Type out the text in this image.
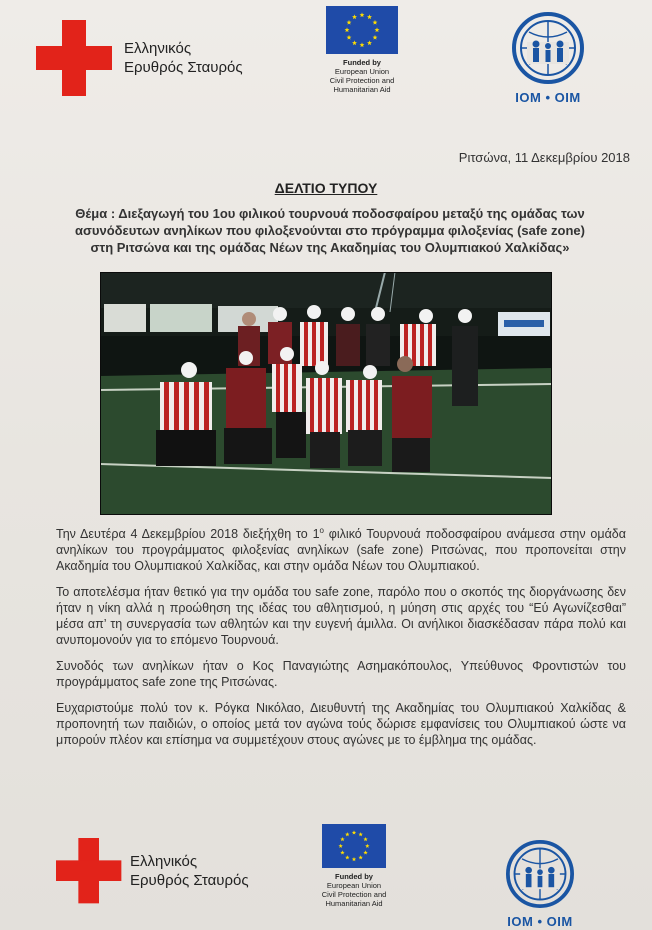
Ελληνικός
Ερυθρός Σταυρός	Funded by
European Union
Civil Protection and
Humanitarian Aid
IOM • OIM
Ριτσώνα, 11 Δεκεμβρίου 2018
ΔΕΛΤΙΟ ΤΥΠΟΥ
Θέμα : Διεξαγωγή του 1ου φιλικού τουρνουά ποδοσφαίρου μεταξύ της ομάδας των ασυνόδευτων ανηλίκων που φιλοξενούνται στο πρόγραμμα φιλοξενίας (safe zone) στη Ριτσώνα και της ομάδας Νέων της Ακαδημίας του Ολυμπιακού Χαλκίδας»

Την Δευτέρα 4 Δεκεμβρίου 2018 διεξήχθη το $1^o$ φιλικό Τουρνουά ποδοσφαίρου ανάμεσα στην ομάδα ανηλίκων του προγράμματος φιλοξενίας ανηλίκων (safe zone) Ριτσώνας, που προπονείται στην Ακαδημία του Ολυμπιακού Χαλκίδας, και στην ομάδα Νέων του Ολυμπιακού.

Το αποτελέσμα ήταν θετικό για την ομάδα του safe zone, παρόλο που ο σκοπός της διοργάνωσης δεν ήταν η νίκη αλλά η προώθηση της ιδέας του αθλητισμού, η μύηση στις αρχές του “Εύ Αγωνίζεσθαι” μέσα απ’ τη συνεργασία των αθλητών και την ευγενή άμιλλα. Οι ανήλικοι διασκέδασαν πάρα πολύ και ανυπομονούν για το επόμενο Τουρνουά.

Συνοδός των ανηλίκων ήταν ο Κος Παναγιώτης Ασημακόπουλος, Υπεύθυνος Φροντιστών του προγράμματος safe zone της Ριτσώνας.

Ευχαριστούμε πολύ τον κ. Ρόγκα Νικόλαο, Διευθυντή της Ακαδημίας του Ολυμπιακού Χαλκίδας & προπονητή των παιδιών, ο οποίος μετά τον αγώνα τούς δώρισε εμφανίσεις του Ολυμπιακού ώστε να μπορούν πλέον και επίσημα να συμμετέχουν στους αγώνες με το έμβλημα της ομάδας.

Ελληνικός
Ερυθρός Σταυρός	Funded by
European Union
Civil Protection and
Humanitarian Aid
IOM • OIM
